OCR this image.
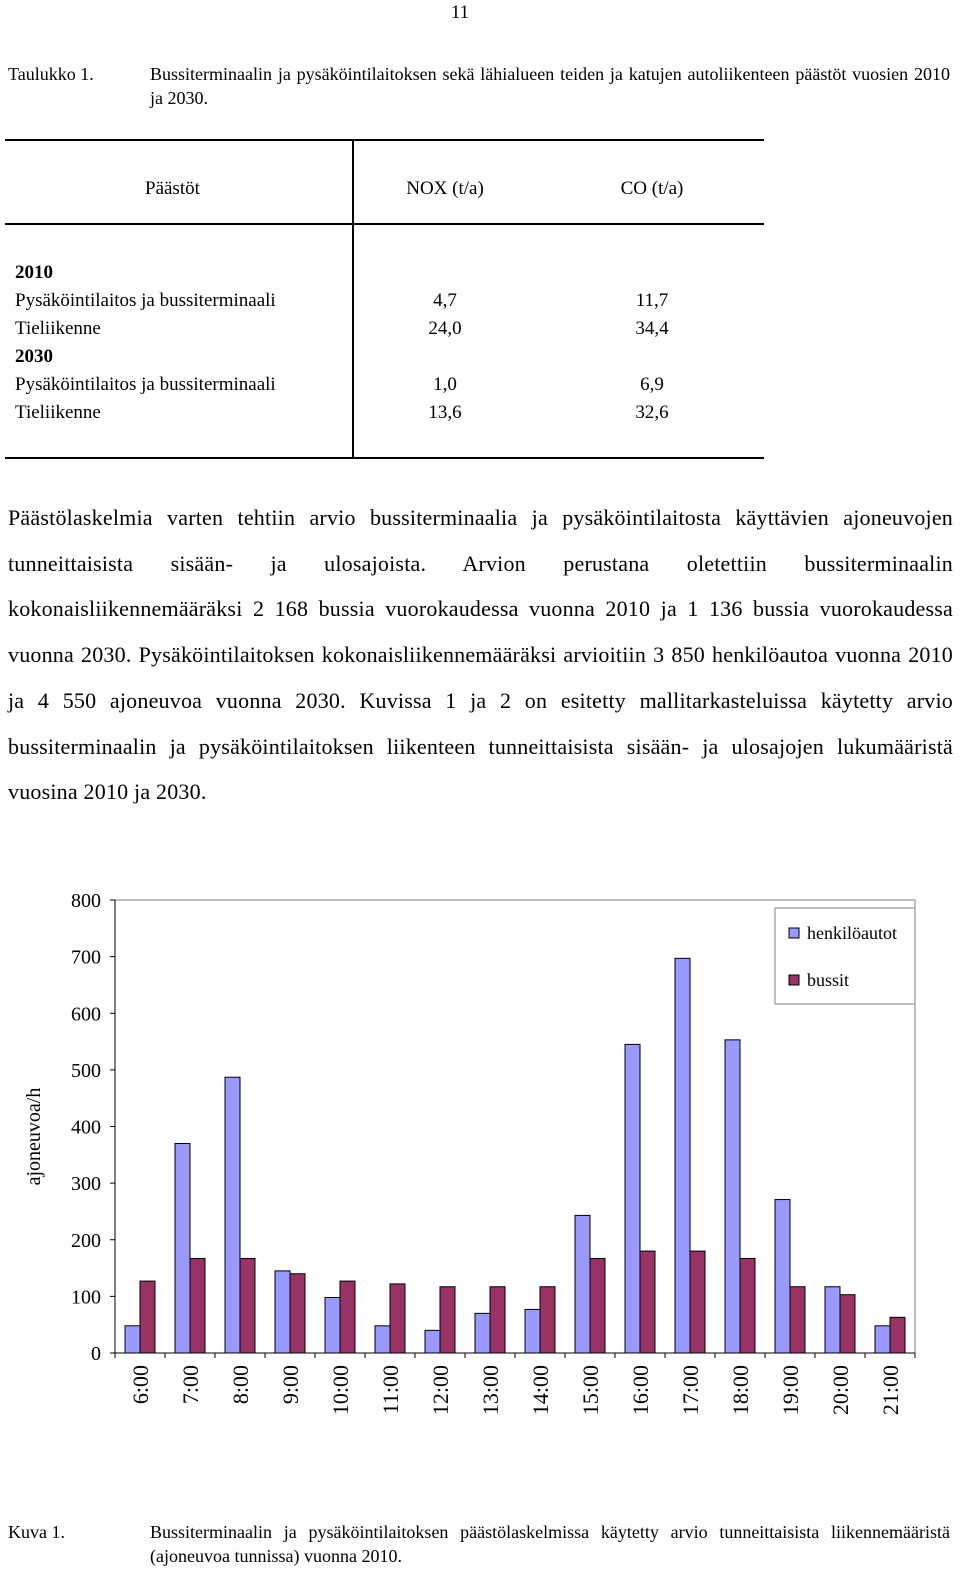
11
Taulukko 1.	Bussiterminaalin ja pysäköintilaitoksen sekä lähialueen teiden ja katujen autoliikenteen päästöt vuosien 2010 ja 2030.
Päästöt	NOX (t/a)	CO (t/a)
2010
Pysäköintilaitos ja bussiterminaali	4,7	11,7
Tieliikenne	24,0	34,4
2030
Pysäköintilaitos ja bussiterminaali	1,0	6,9
Tieliikenne	13,6	32,6
Päästölaskelmia varten tehtiin arvio bussiterminaalia ja pysäköintilaitosta käyttävien ajoneuvojen tunneittaisista sisään- ja ulosajoista. Arvion perustana oletettiin bussiterminaalin kokonaisliikennemääräksi 2 168 bussia vuorokaudessa vuonna 2010 ja 1 136 bussia vuorokaudessa vuonna 2030. Pysäköintilaitoksen kokonaisliikennemääräksi arvioitiin 3 850 henkilöautoa vuonna 2010 ja 4 550 ajoneuvoa vuonna 2030. Kuvissa 1 ja 2 on esitetty mallitarkasteluissa käytetty arvio bussiterminaalin ja pysäköintilaitoksen liikenteen tunneittaisista sisään- ja ulosajojen lukumääristä vuosina 2010 ja 2030.
0
100
200
300
400
500
600
700
800
ajoneuvoa/h
6:00 7:00 8:00 9:00 10:00 11:00 12:00 13:00 14:00 15:00 16:00 17:00 18:00 19:00 20:00 21:00
henkilöautot
bussit
Kuva 1.	Bussiterminaalin ja pysäköintilaitoksen päästölaskelmissa käytetty arvio tunneittaisista liikennemääristä (ajoneuvoa tunnissa) vuonna 2010.
